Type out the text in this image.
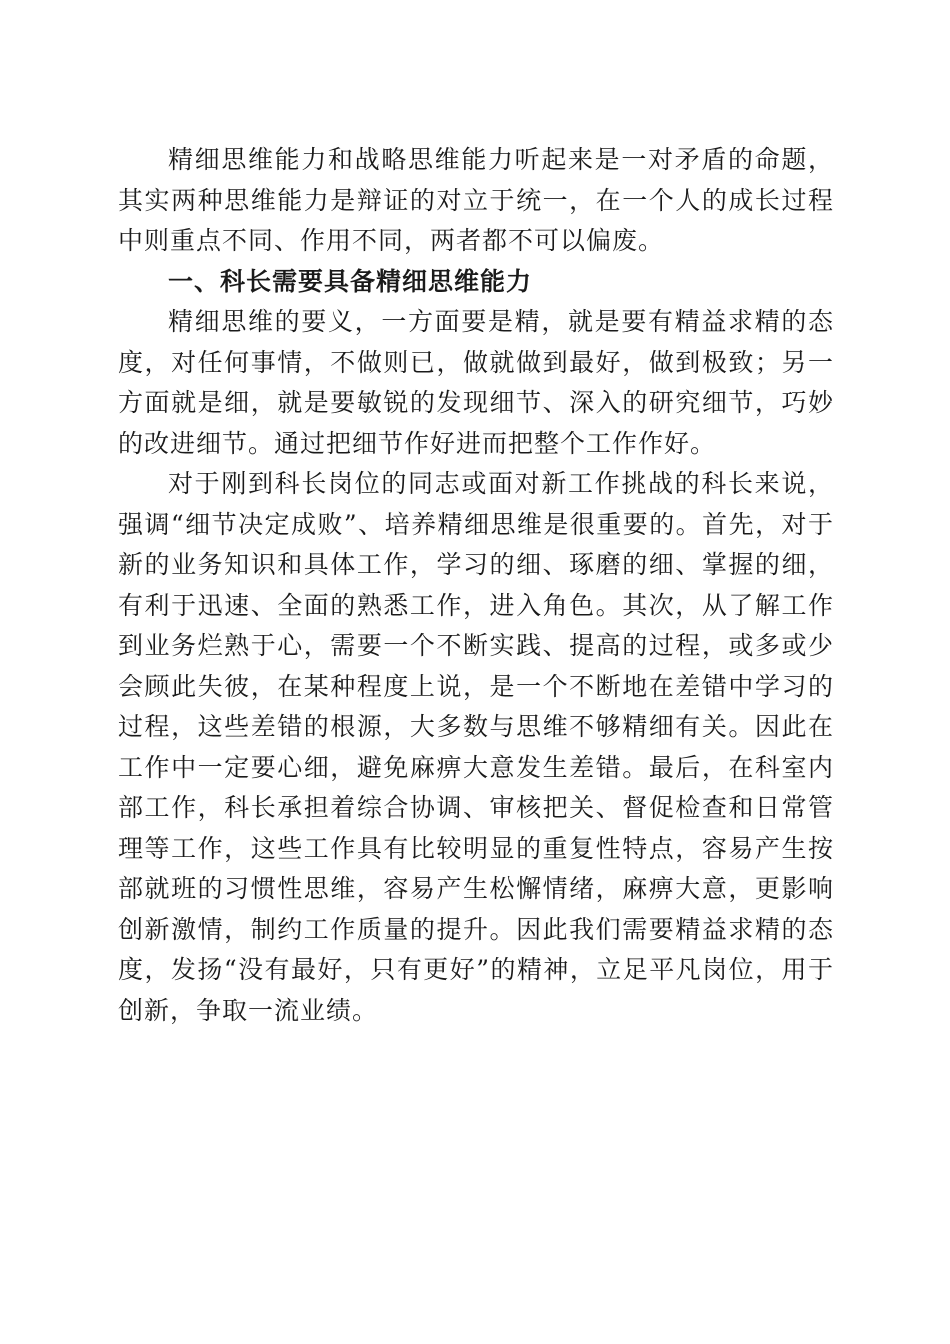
精细思维能力和战略思维能力听起来是一对矛盾的命题，其实两种思维能力是辩证的对立于统一，在一个人的成长过程中则重点不同、作用不同，两者都不可以偏废。

一、科长需要具备精细思维能力

精细思维的要义，一方面要是精，就是要有精益求精的态度，对任何事情，不做则已，做就做到最好，做到极致；另一方面就是细，就是要敏锐的发现细节、深入的研究细节，巧妙的改进细节。通过把细节作好进而把整个工作作好。

对于刚到科长岗位的同志或面对新工作挑战的科长来说，强调“细节决定成败”、培养精细思维是很重要的。首先，对于新的业务知识和具体工作，学习的细、琢磨的细、掌握的细，有利于迅速、全面的熟悉工作，进入角色。其次，从了解工作到业务烂熟于心，需要一个不断实践、提高的过程，或多或少会顾此失彼，在某种程度上说，是一个不断地在差错中学习的过程，这些差错的根源，大多数与思维不够精细有关。因此在工作中一定要心细，避免麻痹大意发生差错。最后，在科室内部工作，科长承担着综合协调、审核把关、督促检查和日常管理等工作，这些工作具有比较明显的重复性特点，容易产生按部就班的习惯性思维，容易产生松懈情绪，麻痹大意，更影响创新激情，制约工作质量的提升。因此我们需要精益求精的态度，发扬“没有最好，只有更好”的精神，立足平凡岗位，用于创新，争取一流业绩。
